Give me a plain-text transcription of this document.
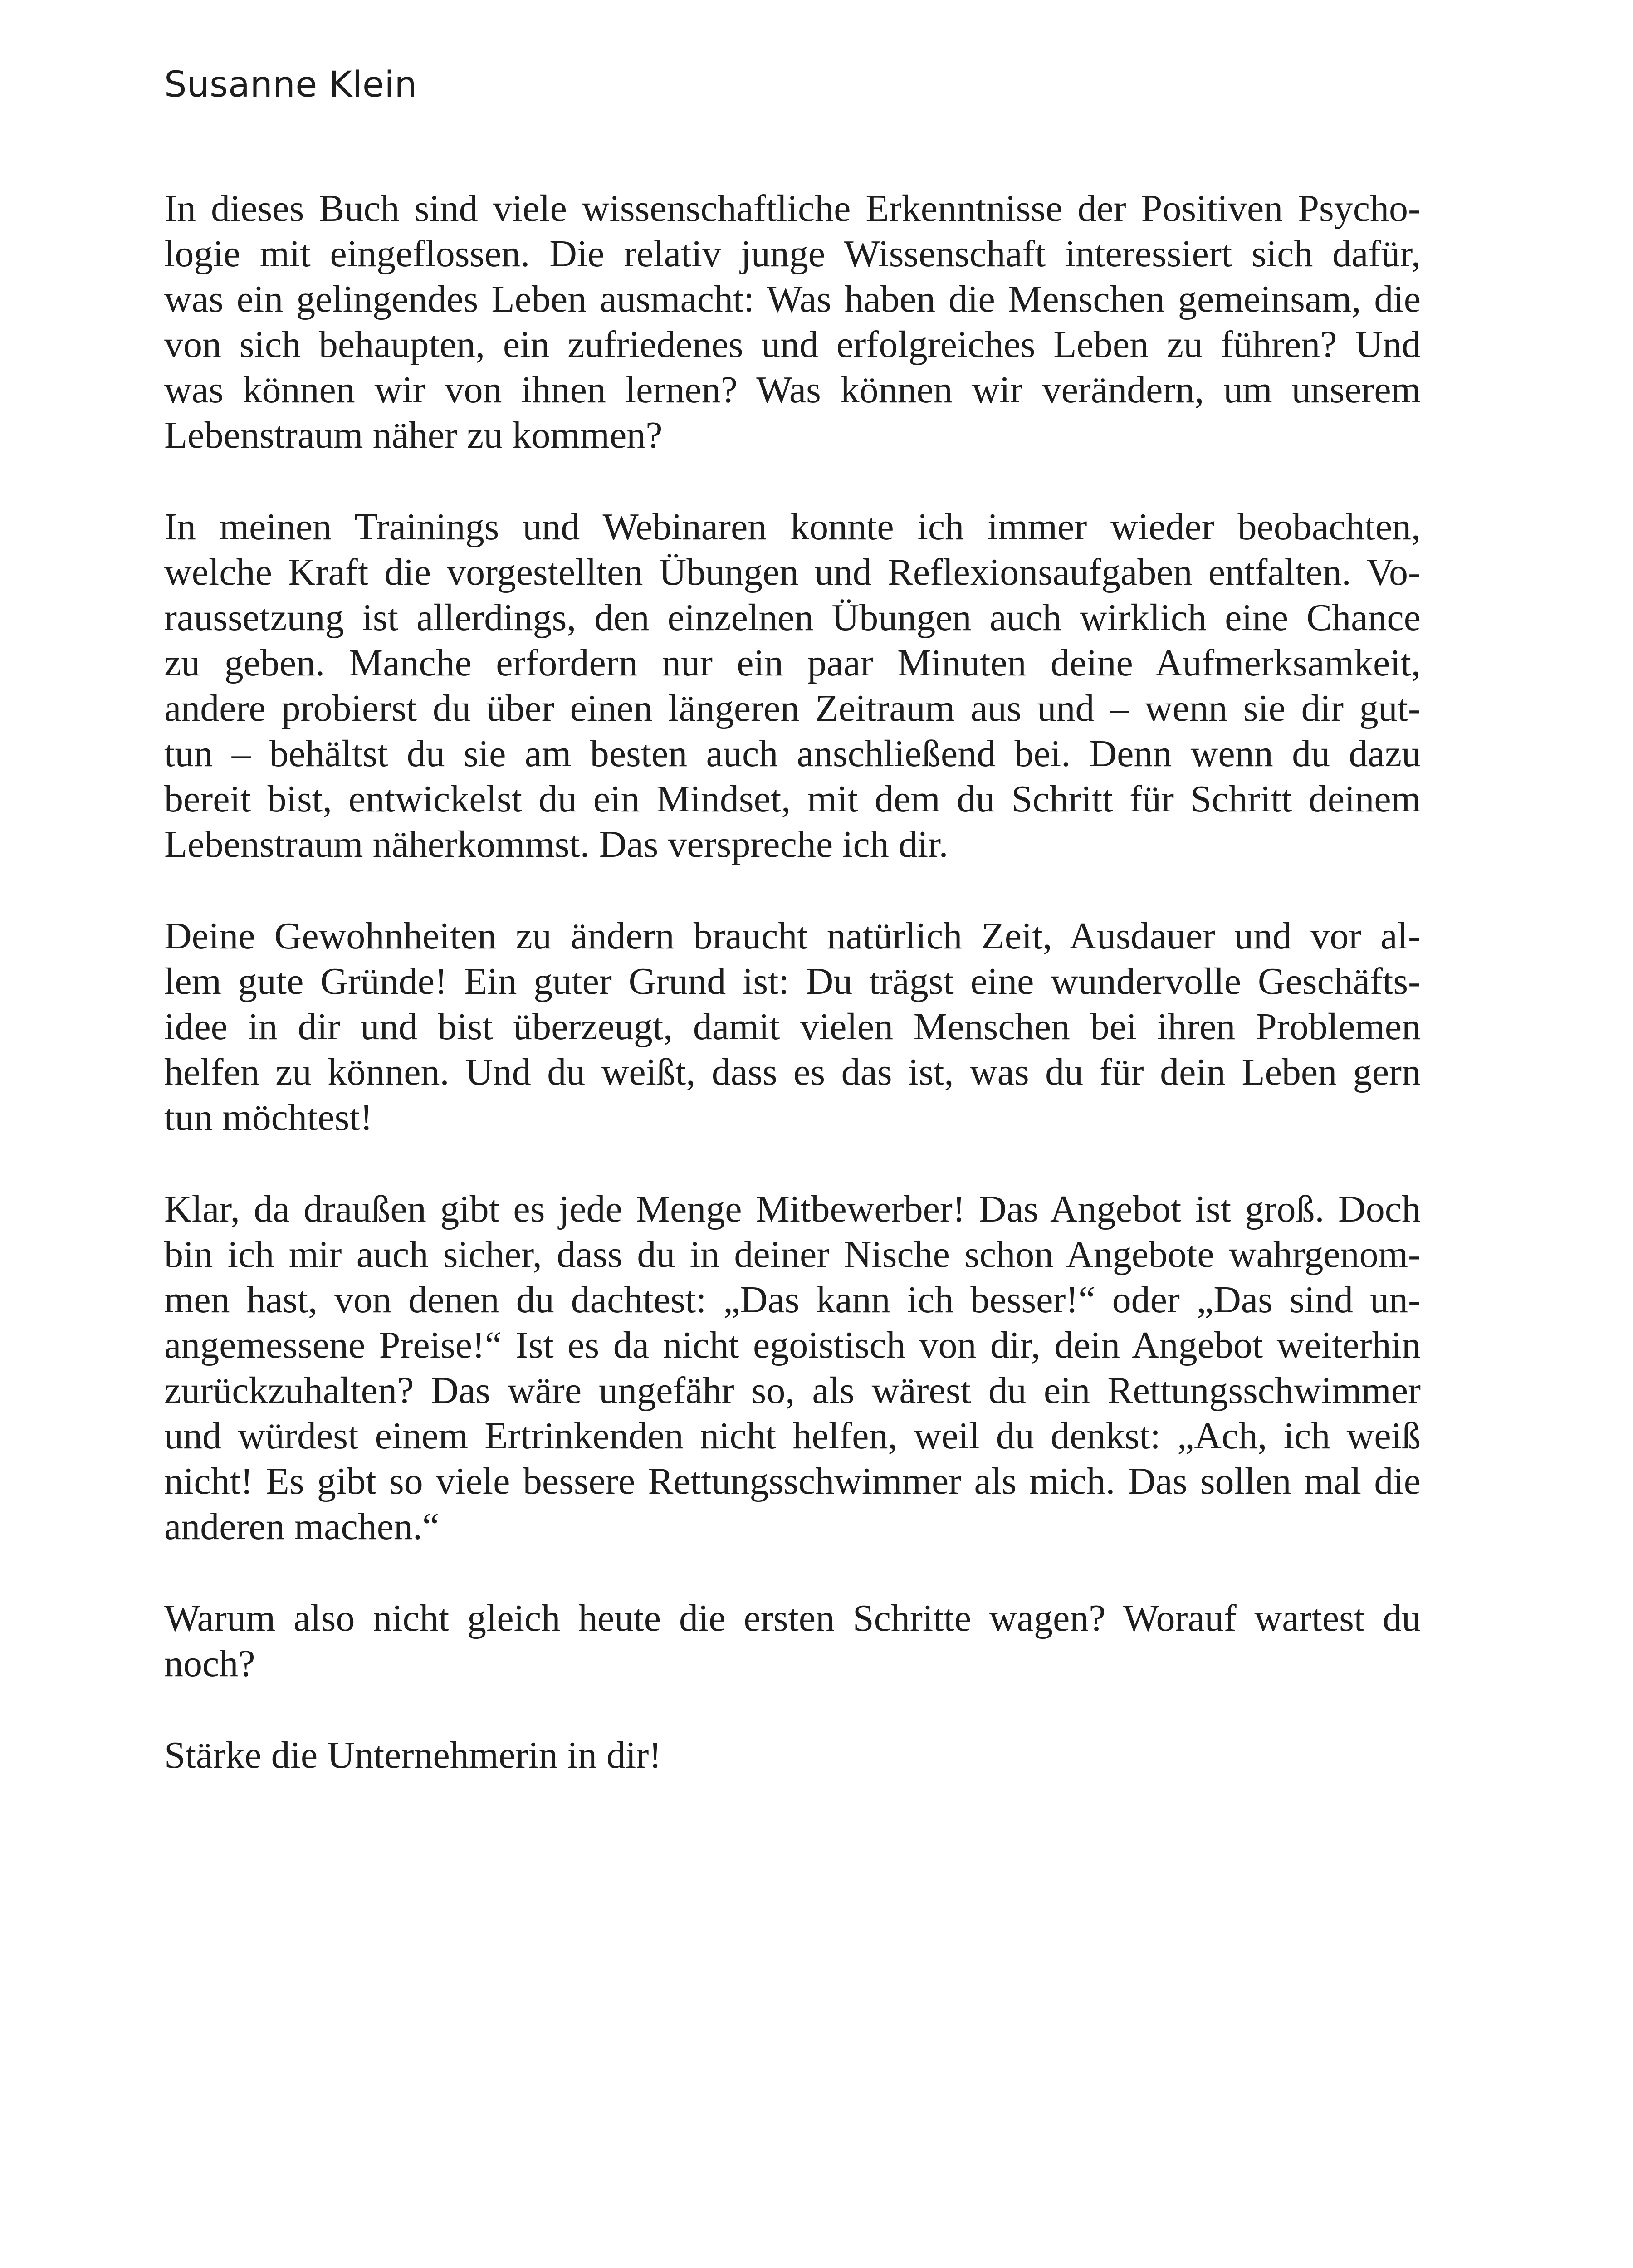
Susanne Klein

In dieses Buch sind viele wissenschaftliche Erkenntnisse der Positiven Psycho-
logie mit eingeflossen. Die relativ junge Wissenschaft interessiert sich dafür,
was ein gelingendes Leben ausmacht: Was haben die Menschen gemeinsam, die
von sich behaupten, ein zufriedenes und erfolgreiches Leben zu führen? Und
was können wir von ihnen lernen? Was können wir verändern, um unserem
Lebenstraum näher zu kommen?

In meinen Trainings und Webinaren konnte ich immer wieder beobachten,
welche Kraft die vorgestellten Übungen und Reflexionsaufgaben entfalten. Vo-
raussetzung ist allerdings, den einzelnen Übungen auch wirklich eine Chance
zu geben. Manche erfordern nur ein paar Minuten deine Aufmerksamkeit,
andere probierst du über einen längeren Zeitraum aus und – wenn sie dir gut-
tun – behältst du sie am besten auch anschließend bei. Denn wenn du dazu
bereit bist, entwickelst du ein Mindset, mit dem du Schritt für Schritt deinem
Lebenstraum näherkommst. Das verspreche ich dir.

Deine Gewohnheiten zu ändern braucht natürlich Zeit, Ausdauer und vor al-
lem gute Gründe! Ein guter Grund ist: Du trägst eine wundervolle Geschäfts-
idee in dir und bist überzeugt, damit vielen Menschen bei ihren Problemen
helfen zu können. Und du weißt, dass es das ist, was du für dein Leben gern
tun möchtest!

Klar, da draußen gibt es jede Menge Mitbewerber! Das Angebot ist groß. Doch
bin ich mir auch sicher, dass du in deiner Nische schon Angebote wahrgenom-
men hast, von denen du dachtest: „Das kann ich besser!“ oder „Das sind un-
angemessene Preise!“ Ist es da nicht egoistisch von dir, dein Angebot weiterhin
zurückzuhalten? Das wäre ungefähr so, als wärest du ein Rettungsschwimmer
und würdest einem Ertrinkenden nicht helfen, weil du denkst: „Ach, ich weiß
nicht! Es gibt so viele bessere Rettungsschwimmer als mich. Das sollen mal die
anderen machen.“

Warum also nicht gleich heute die ersten Schritte wagen? Worauf wartest du
noch?

Stärke die Unternehmerin in dir!
